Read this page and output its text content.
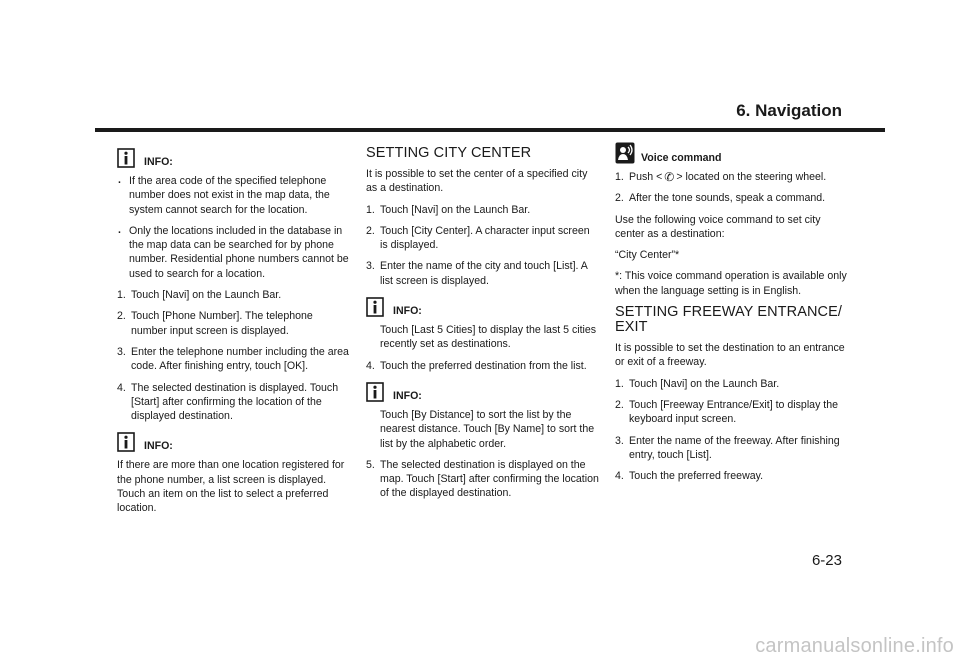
6. Navigation
INFO:
. If the area code of the specified telephone number does not exist in the map data, the system cannot search for the location.
. Only the locations included in the database in the map data can be searched for by phone number. Residential phone numbers cannot be used to search for a location.
1. Touch [Navi] on the Launch Bar.
2. Touch [Phone Number]. The telephone number input screen is displayed.
3. Enter the telephone number including the area code. After finishing entry, touch [OK].
4. The selected destination is displayed. Touch [Start] after confirming the location of the displayed destination.
INFO:

If there are more than one location registered for the phone number, a list screen is displayed. Touch an item on the list to select a preferred location.

SETTING CITY CENTER

It is possible to set the center of a specified city as a destination.

1. Touch [Navi] on the Launch Bar.
2. Touch [City Center]. A character input screen is displayed.
3. Enter the name of the city and touch [List]. A list screen is displayed.
INFO:
Touch [Last 5 Cities] to display the last 5 cities recently set as destinations.
4. Touch the preferred destination from the list.
INFO:
Touch [By Distance] to sort the list by the nearest distance. Touch [By Name] to sort the list by the alphabetic order.
5. The selected destination is displayed on the map. Touch [Start] after confirming the location of the displayed destination.
Voice command
1. Push < ✆ > located on the steering wheel.
2. After the tone sounds, speak a command.

Use the following voice command to set city center as a destination:

“City Center”*

*: This voice command operation is available only when the language setting is in English.

SETTING FREEWAY ENTRANCE/ EXIT

It is possible to set the destination to an entrance or exit of a freeway.

1. Touch [Navi] on the Launch Bar.
2. Touch [Freeway Entrance/Exit] to display the keyboard input screen.
3. Enter the name of the freeway. After finishing entry, touch [List].
4. Touch the preferred freeway.
6-23
carmanualsonline.info
